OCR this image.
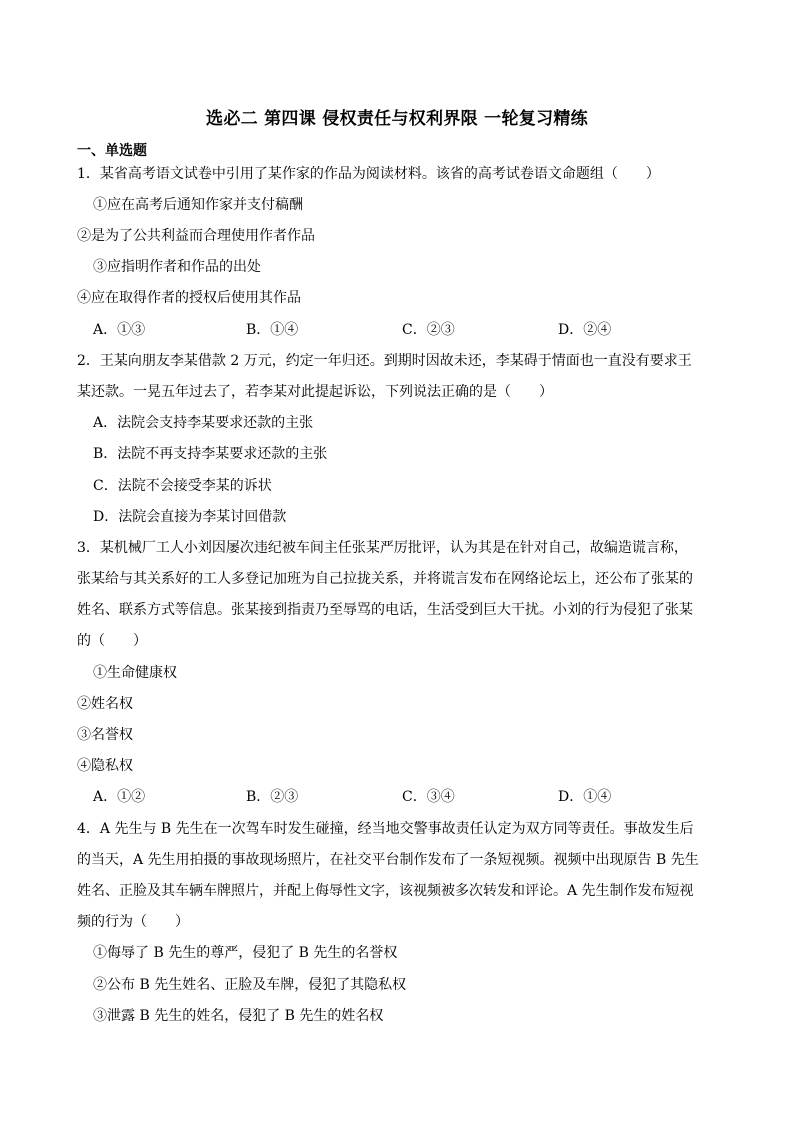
选必二 第四课 侵权责任与权利界限 一轮复习精练
一、单选题
1．某省高考语文试卷中引用了某作家的作品为阅读材料。该省的高考试卷语文命题组（　　）
①应在高考后通知作家并支付稿酬
②是为了公共利益而合理使用作者作品
③应指明作者和作品的出处
④应在取得作者的授权后使用其作品
A．①③	B．①④	C．②③	D．②④
2．王某向朋友李某借款 2 万元，约定一年归还。到期时因故未还，李某碍于情面也一直没有要求王
某还款。一晃五年过去了，若李某对此提起诉讼，下列说法正确的是（　　）
A．法院会支持李某要求还款的主张
B．法院不再支持李某要求还款的主张
C．法院不会接受李某的诉状
D．法院会直接为李某讨回借款
3．某机械厂工人小刘因屡次违纪被车间主任张某严厉批评，认为其是在针对自己，故编造谎言称，
张某给与其关系好的工人多登记加班为自己拉拢关系，并将谎言发布在网络论坛上，还公布了张某的
姓名、联系方式等信息。张某接到指责乃至辱骂的电话，生活受到巨大干扰。小刘的行为侵犯了张某
的（　　）
①生命健康权
②姓名权
③名誉权
④隐私权
A．①②	B．②③	C．③④	D．①④
4．A 先生与 B 先生在一次驾车时发生碰撞，经当地交警事故责任认定为双方同等责任。事故发生后
的当天，A 先生用拍摄的事故现场照片，在社交平台制作发布了一条短视频。视频中出现原告 B 先生
姓名、正脸及其车辆车牌照片，并配上侮辱性文字，该视频被多次转发和评论。A 先生制作发布短视
频的行为（　　）
①侮辱了 B 先生的尊严，侵犯了 B 先生的名誉权
②公布 B 先生姓名、正脸及车牌，侵犯了其隐私权
③泄露 B 先生的姓名，侵犯了 B 先生的姓名权
